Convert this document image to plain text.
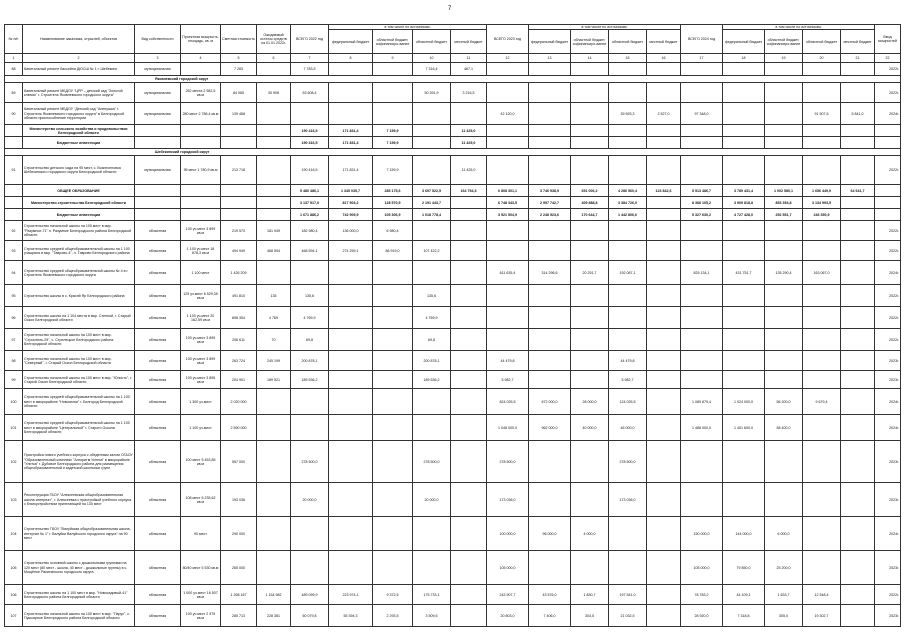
7
№ п/п	Наименование заказчика, отраслей, объектов	Вид собственности	Проектная мощность, площадь, кв. м	Сметная стоимость	Ожидаемый остаток средств на 01.01.2022г.	ВСЕГО 2022 год	в том числе по источникам:				ВСЕГО 2023 год	в том числе по источникам:				ВСЕГО 2024 год	в том числе по источникам:				Ввод мощностей
							федеральный бюджет	областной бюджет, софинансиро-вание	областной бюджет	местный бюджет		федеральный бюджет	областной бюджет, софинансиро-вание	областной бюджет	местный бюджет		федеральный бюджет	областной бюджет, софинансиро-вание	областной бюджет	местный бюджет	
1	2	3	4	5	6	7	8	9	10	11	12	13	14	15	16	17	18	19	20	21	22
88	Капитальный ремонт бассейна ДЮСШ № 1 г. Шебекино	муниципальная		7 283		7 783,5			7 316,4	467,1											2022г.
Яковлевский городской округ																					
89	Капитальный ремонт МБДОУ "ЦРР – детский сад "Золотой ключик" г. Строитель Яковлевского городского округа"	муниципальная	252 места 2 982,5 кв.м	84 065	30 908	53 608,4			50 391,9	3 216,5											2022г.
90	Капитальный ремонт МБДОУ "Детский сад "Аленушка" г. Строитель Яковлевского городского округа" в Белгородской области приспособление территории	муниципальная	280 мест 2 786,4 кв.м	139 468							42 120,0			39 593,3	2 527,0	97 348,0			91 507,6	5 841,0	2024г.
	Министерство сельского хозяйства и продовольствия Белгородской области					190 416,5	171 831,4	7 159,9		11 425,0											
	Бюджетные инвестиции					190 416,5	171 831,4	7 159,9		11 425,0											
Шебекинский городской округ																					
91	Строительство детского сада на 95 мест, с. Вознесеновка Шебекинского городского округа Белгородской области	муниципальная	95 мест 1 780,9 кв.м	213 718		190 416,5	171 831,4	7 159,9		11 425,0											2022г.
	ОБЩЕЕ ОБРАЗОВАНИЕ					5 480 486,1	1 345 035,7	285 175,6	3 697 522,5	164 754,3	6 808 301,1	3 746 938,9	651 006,2	4 286 560,4	123 842,6	5 513 486,7	3 789 431,4	1 002 580,1	1 656 449,9	64 641,7	
	Министерство строительства Белгородской области					3 137 517,0	817 503,2	128 570,9	2 191 443,7		6 748 343,5	2 957 742,7	409 888,8	3 384 726,0		8 368 105,2	3 909 818,8	853 354,8	3 134 993,5		
	Бюджетные инвестиции					1 671 886,2	742 909,9	105 306,9	1 018 778,4		3 521 504,9	2 248 523,6	170 644,7	1 442 806,6		5 327 630,2	4 727 428,0	252 551,7	246 350,5		
92	Строительство начальной школы на 100 мест в мкр. "Разумное-71" п. Разумное Белгородского района Белгородской области	областная	100 уч.мест 3 899 кв.м	219 570	181 949	182 980,4	136 000,0	6 980,4													2022г.
93	Строительство средней общеобразовательной школы на 1 100 учащихся в мкр. "Таврово-4", п. Таврово Белгородского района	областная	1 100 уч.мест 18 678,3 кв.м	494 949	468 594	468 594,1	274 259,1	86 919,0	107 422,2												2022г.
94	Строительство средней общеобразовательной школы № 4 в г. Строитель Яковлевского городского округа	областная	1 100 мест	1 426 209							611 635,4	314 296,6	20 251,7	192 087,1		825 134,1	431 751,7	135 290,4	163 067,0		2024г.
95	Строительство школы в с. Краснй Яр Белгородского района	областная	125 уч.мест 6 529,35 кв.м	491 810	135	135,6			135,6												2022г.
96	Строительство школы на 1 104 места в мкр. Степной, г. Старый Оскол Белгородской области	областная	1 100 уч.мест 20 162,59 кв.м	898 354	4 769	4 769,9			4 769,9												2022г.
97	Строительство начальной школы на 100 мест в мкр. "Строитель-29", с. Стрелецкое Белгородского района Белгородской области	областная	100 уч.мест 3 899 кв.м	206 611	70	69,8			69,8												2022г.
98	Строительство начальной школы на 100 мест в мкр. "Северный", г. Старый Оскол Белгородской области	областная	100 уч.мест 3 899 кв.м	263 724	245 199	200 878,1			200 878,1		44 479,8			44 479,8							2023г.
99	Строительство начальной школы на 100 мест в мкр. "Юность", г. Старый Оскол Белгородской области	областная	100 уч.мест 3 895 кв.м	204 901	189 521	189 536,2			189 536,2		5 982,7			5 982,7							2023г.
100	Строительство средней общеобразовательной школы на 1 100 мест в микрорайоне "Новоселки" г. Белгород Белгородской области	областная	1 300 уч.мест	2 020 000							824 025,5	672 000,0	28 000,0	124 025,5		1 089 879,4	1 024 000,0	56 200,0	9 679,4		2024г.
101	Строительство средней общеобразовательной школы на 1 100 мест в микрорайоне "Центральный" г. Старого Оскола Белгородской области	областная	1 100 уч.мест	2 590 000							1 048 000,0	962 000,0	40 000,0	46 000,0		1 488 000,0	1 401 600,0	58 400,0			2024г.
102	Пристройка нового учебного корпуса с обеденным залом ОГАОУ "Образовательный комплекс "Алгоритм Успеха" в микрорайоне "Улитка" г. Дубовое Белгородского района для размещения общеобразовательной и кадетской школьных групп	областная	100 мест 5 453,85 кв.м	557 000		278 500,0			278 500,0		278 500,0			278 500,0							2023г.
103	Реконструкция ГБОУ "Алексеевская общеобразовательная школа-интернат", г. Алексеевка с пристройкой учебного корпуса с благоустройством прилегающей на 130 мест	областная	108 мест 5 235,62 кв.м	193 036		20 000,0			20 000,0		173 036,0			173 036,0							2023г.
104	Строительство ГБОУ "Валуйская общеобразовательная школа-интернат № 1" г. Валуйки Валуйского городского округа" на 90 мест	областная	90 мест	290 000							100 000,0	96 000,0	4 000,0			150 000,0	144 000,0	6 000,0			2024г.
105	Строительство основной школы с дошкольными группами на 120 мест (80 мест - школа, 40 мест - дошкольные группы) в с. Мощёное Ракитянского городского округа	областная	80/40 мест 5 530 кв.м	265 000							105 000,0					105 000,0	79 850,0	25 200,0			2023г.
106	Строительство школы на 1 100 мест в мкр. "Новосадовый-41" Белгородского района Белгородской области	областная	1 000 уч.мест 16 507 кв.м	1 268 167	1 154 982	489 099,9	223 974,1	9 372,5	175 733,1		243 907,7	43 576,0	1 830,7	197 541,0		78 783,2	44 109,1	1 633,7	12 548,4		2022г.
107	Строительство начальной школы на 100 мест в мкр. "Парус", с. Пушкарное Белгородского района Белгородской области	областная	100 уч.мест 2 975 кв.м	285 713	228 381	60 079,8	55 394,3	2 293,5	3 509,5		20 803,0	7 406,0	304,5	21 032,5		28 920,0	7 318,8	305,0	19 302,7		2023г.
